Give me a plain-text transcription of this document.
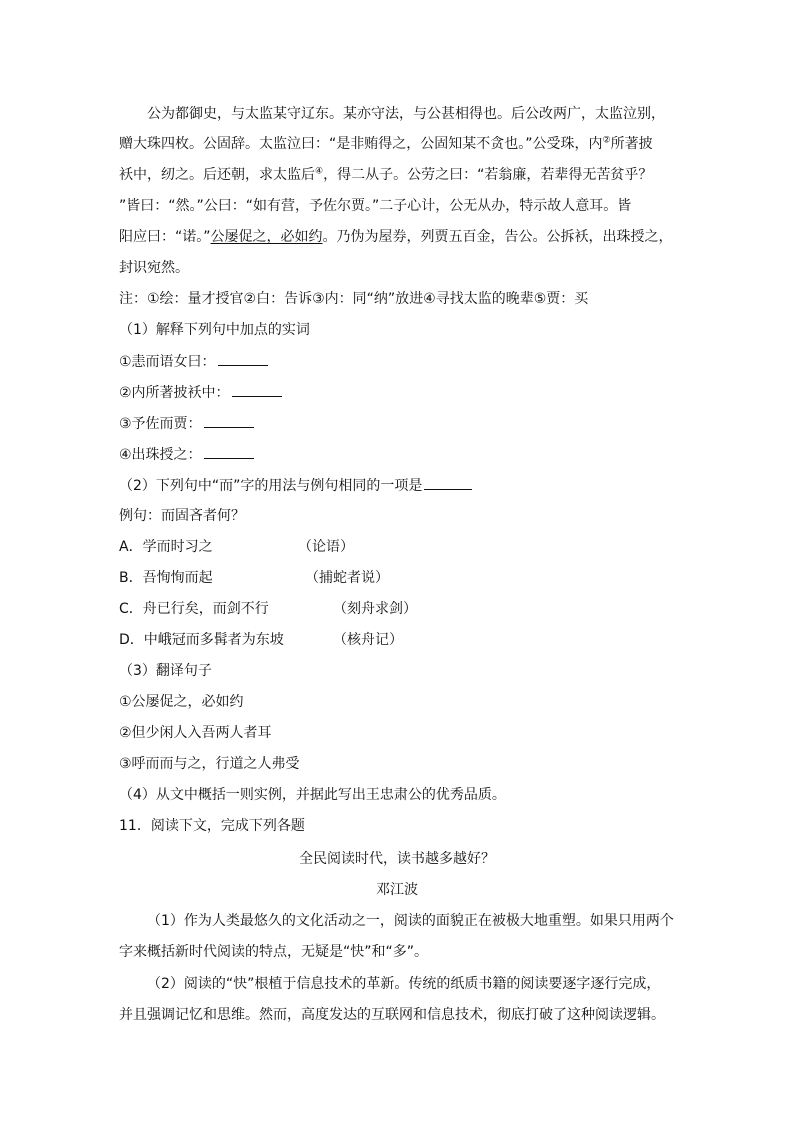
公为都御史，与太监某守辽东。某亦守法，与公甚相得也。后公改两广，太监泣别，
赠大珠四枚。公固辞。太监泣曰：“是非贿得之，公固知某不贪也。”公受珠，内②所著披
袄中，纫之。后还朝，求太监后④，得二从子。公劳之曰：“若翁廉，若辈得无苦贫乎？
”皆曰：“然。”公曰：“如有营，予佐尔贾。”二子心计，公无从办，特示故人意耳。皆
阳应曰：“诺。”公屡促之，必如约。乃伪为屋券，列贾五百金，告公。公拆袄，出珠授之，
封识宛然。
注：①绘：量才授官②白：告诉③内：同“纳”放进④寻找太监的晚辈⑤贾：买
（1）解释下列句中加点的实词
①恚而语女曰：
②内所著披袄中：
③予佐而贾：
④出珠授之：
（2）下列句中“而”字的用法与例句相同的一项是
例句：而固吝者何？
A．学而时习之	（论语）
B．吾恂恂而起	（捕蛇者说）
C．舟已行矣，而剑不行	（刻舟求剑）
D．中峨冠而多髯者为东坡	（核舟记）
（3）翻译句子
①公屡促之，必如约
②但少闲人入吾两人者耳
③呼而而与之，行道之人弗受
（4）从文中概括一则实例，并据此写出王忠肃公的优秀品质。
11．阅读下文，完成下列各题
全民阅读时代，读书越多越好？
邓江波
（1）作为人类最悠久的文化活动之一，阅读的面貌正在被极大地重塑。如果只用两个
字来概括新时代阅读的特点，无疑是“快”和“多”。
（2）阅读的“快”根植于信息技术的革新。传统的纸质书籍的阅读要逐字逐行完成，
并且强调记忆和思维。然而，高度发达的互联网和信息技术，彻底打破了这种阅读逻辑。
